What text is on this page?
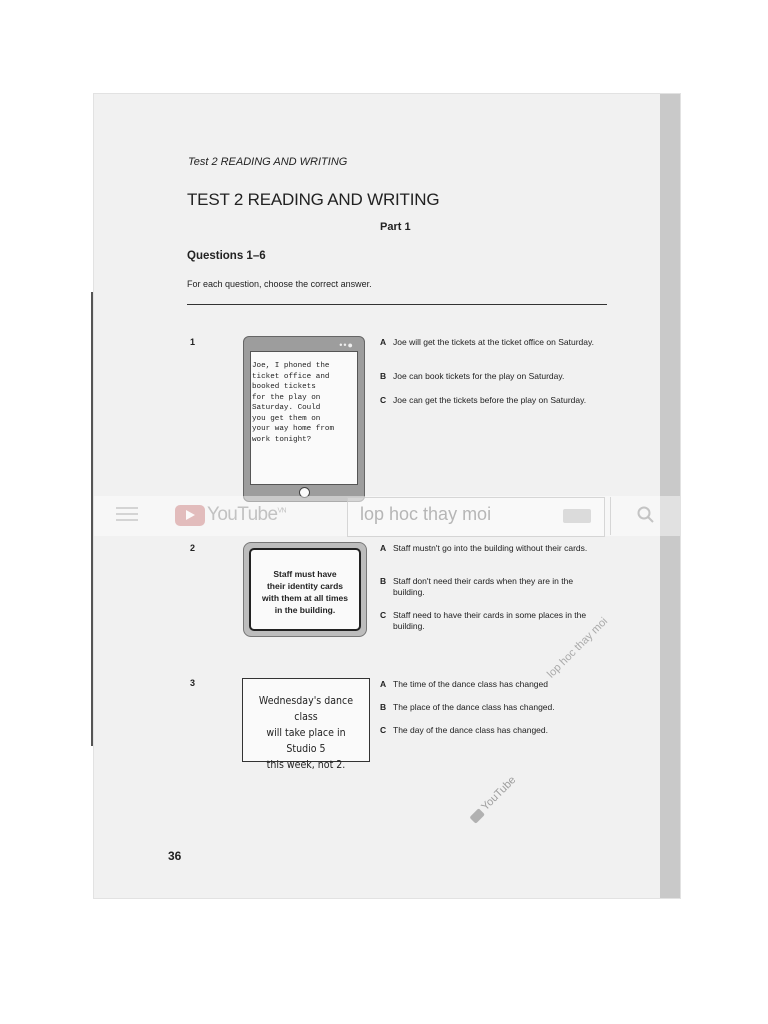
Test 2 READING AND WRITING
TEST 2 READING AND WRITING
Part 1
Questions 1–6
For each question, choose the correct answer.
1	••●
Joe, I phoned the
ticket office and
booked tickets
for the play on
Saturday. Could
you get them on
your way home from
work tonight?
A Joe will get the tickets at the ticket office on Saturday.
B Joe can book tickets for the play on Saturday.
C Joe can get the tickets before the play on Saturday.
2
Staff must have
their identity cards
with them at all times
in the building.
A Staff mustn't go into the building without their cards.
B Staff don't need their cards when they are in the building.
C Staff need to have their cards in some places in the building.
3
Wednesday's dance class
will take place in Studio 5
this week, not 2.
A The time of the dance class has changed
B The place of the dance class has changed.
C The day of the dance class has changed.
YouTube$^{VN}$	lop hoc thay moi
lop hoc thay moi
YouTube
36
